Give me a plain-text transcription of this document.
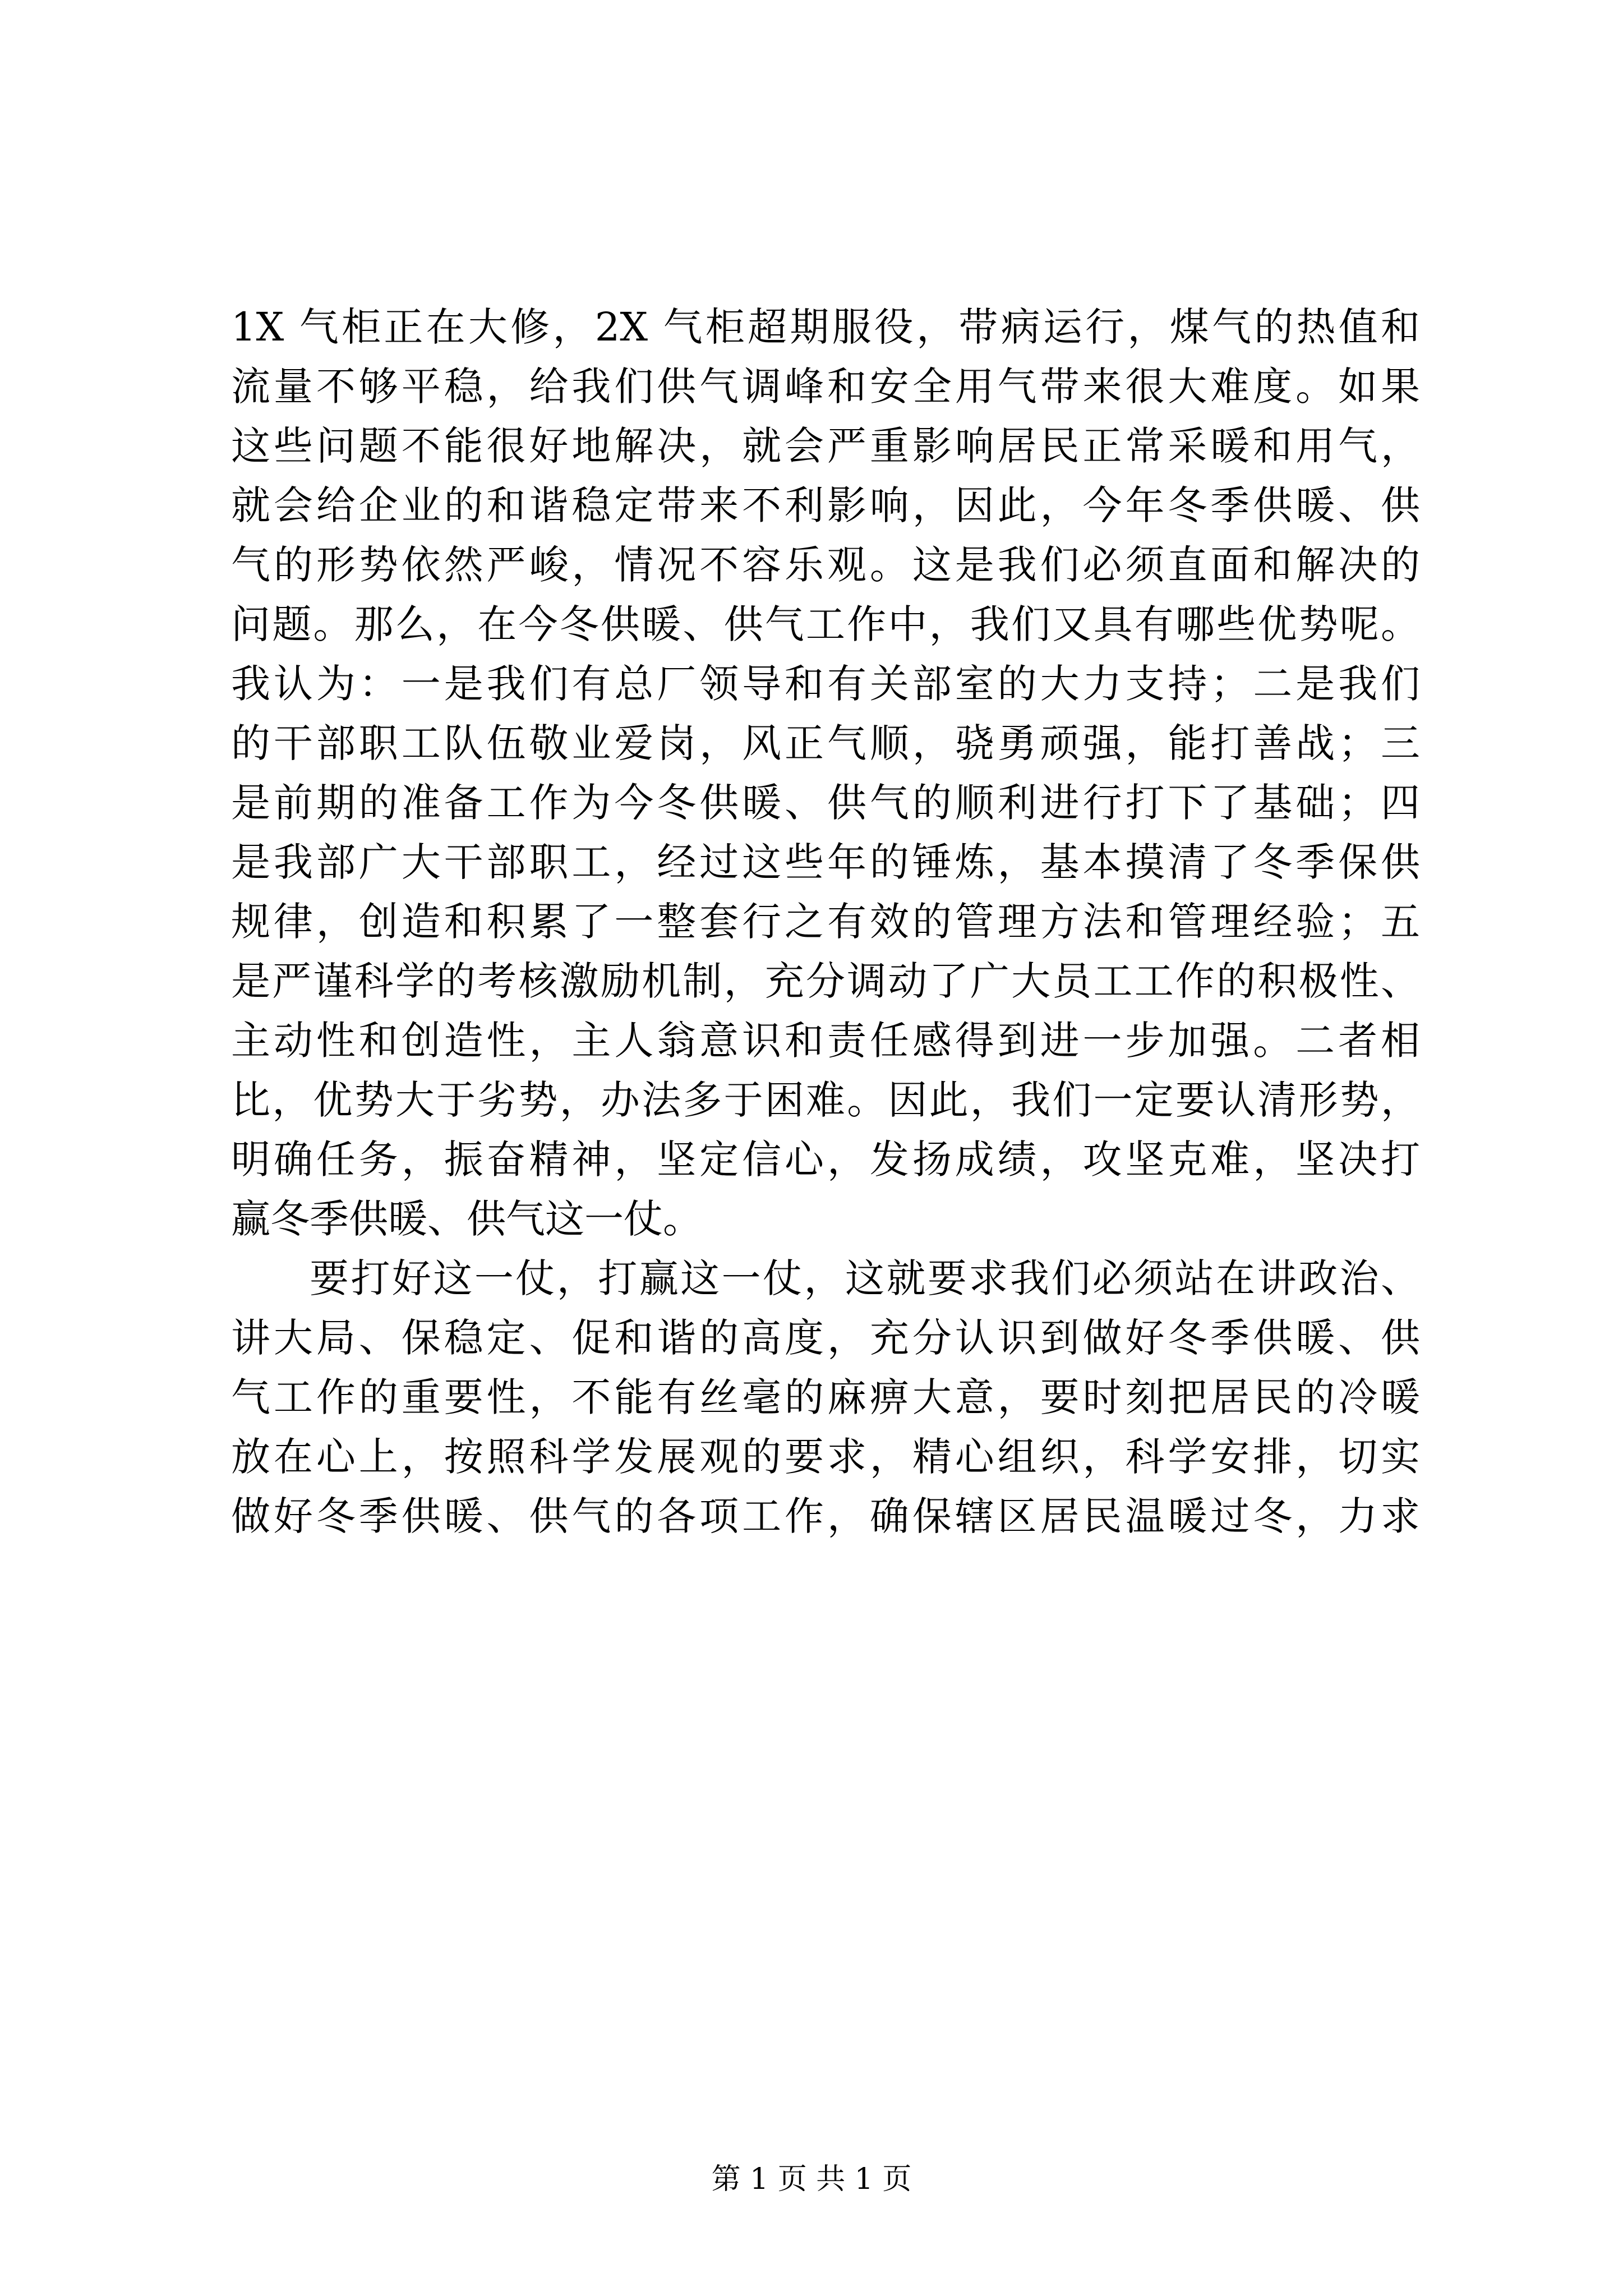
1X 气柜正在大修，2X 气柜超期服役，带病运行，煤气的热值和
流量不够平稳，给我们供气调峰和安全用气带来很大难度。如果
这些问题不能很好地解决，就会严重影响居民正常采暖和用气，
就会给企业的和谐稳定带来不利影响，因此，今年冬季供暖、供
气的形势依然严峻，情况不容乐观。这是我们必须直面和解决的
问题。那么，在今冬供暖、供气工作中，我们又具有哪些优势呢。
我认为：一是我们有总厂领导和有关部室的大力支持；二是我们
的干部职工队伍敬业爱岗，风正气顺，骁勇顽强，能打善战；三
是前期的准备工作为今冬供暖、供气的顺利进行打下了基础；四
是我部广大干部职工，经过这些年的锤炼，基本摸清了冬季保供
规律，创造和积累了一整套行之有效的管理方法和管理经验；五
是严谨科学的考核激励机制，充分调动了广大员工工作的积极性、
主动性和创造性，主人翁意识和责任感得到进一步加强。二者相
比，优势大于劣势，办法多于困难。因此，我们一定要认清形势，
明确任务，振奋精神，坚定信心，发扬成绩，攻坚克难，坚决打
赢冬季供暖、供气这一仗。
要打好这一仗，打赢这一仗，这就要求我们必须站在讲政治、
讲大局、保稳定、促和谐的高度，充分认识到做好冬季供暖、供
气工作的重要性，不能有丝毫的麻痹大意，要时刻把居民的冷暖
放在心上，按照科学发展观的要求，精心组织，科学安排，切实
做好冬季供暖、供气的各项工作，确保辖区居民温暖过冬，力求
第 1 页 共 1 页
